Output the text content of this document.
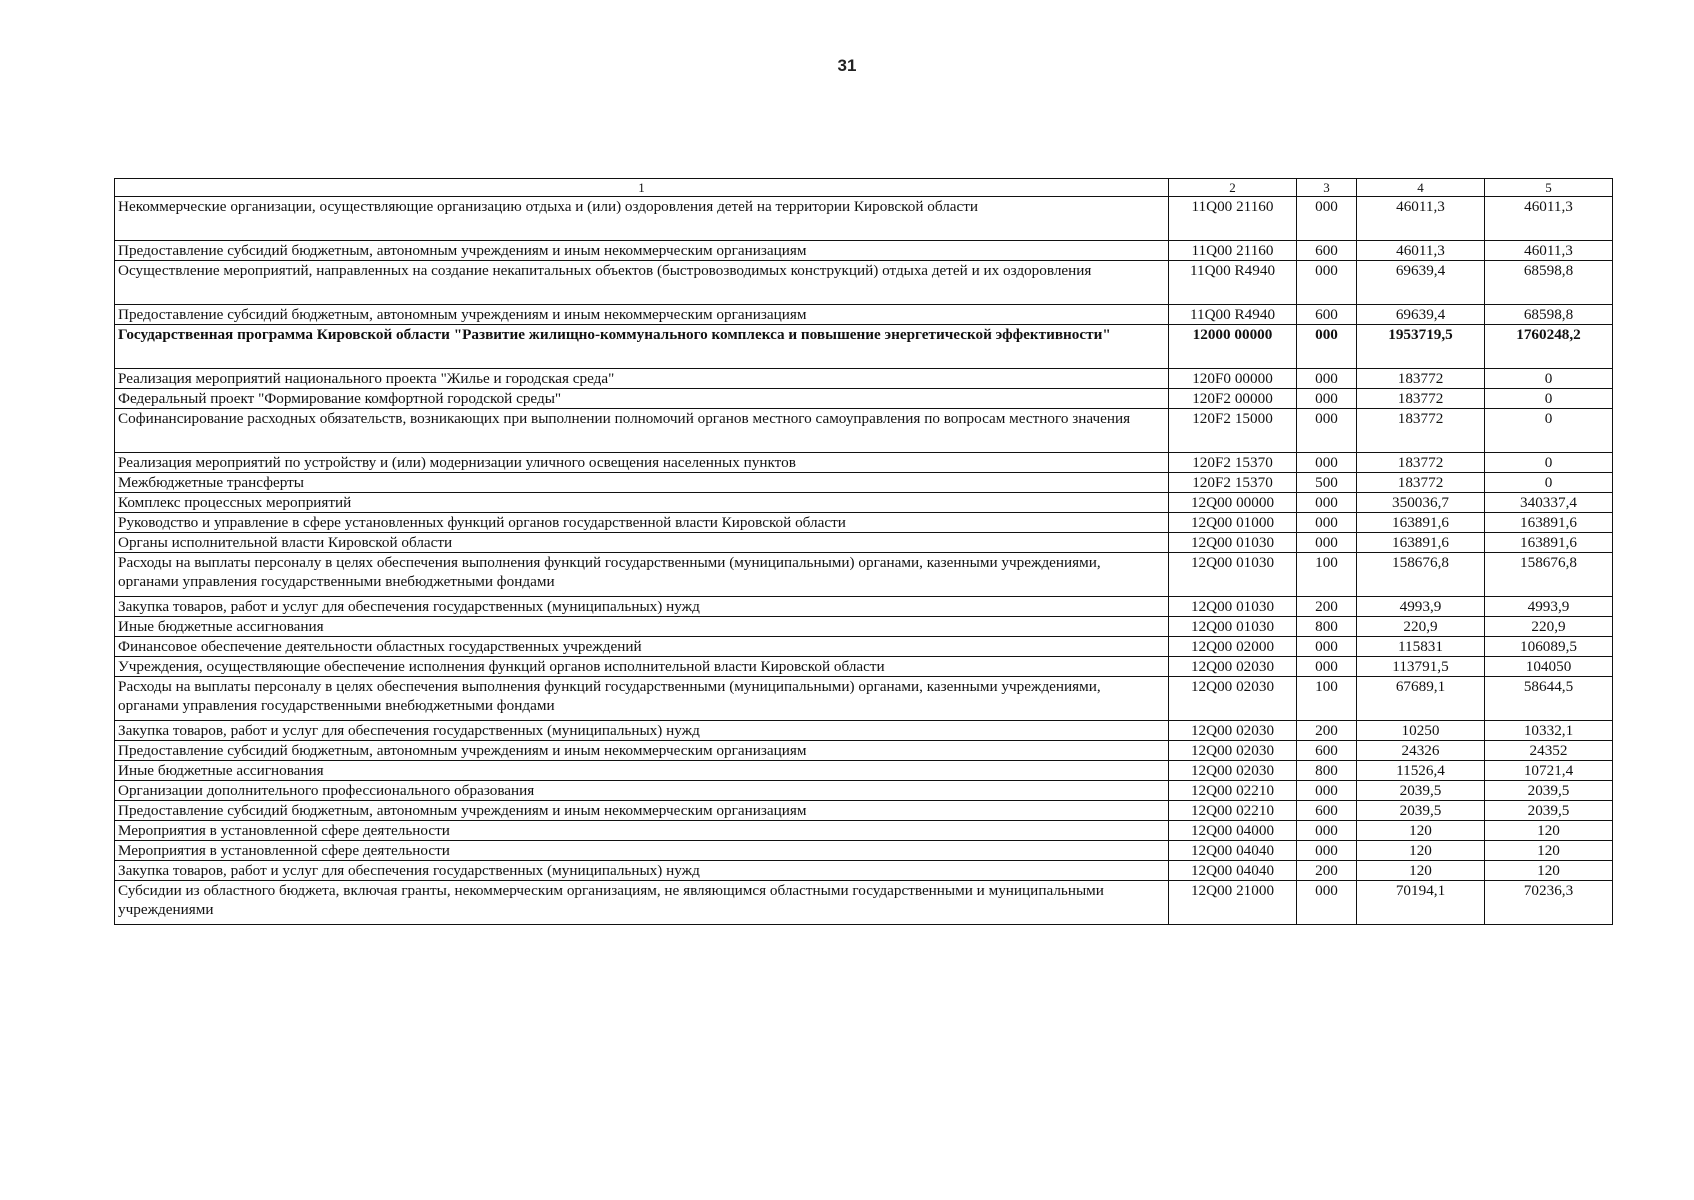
31
1	2	3	4	5
Некоммерческие организации, осуществляющие организацию отдыха и (или) оздоровления детей на территории Кировской области	11Q00 21160	000	46011,3	46011,3
Предоставление субсидий бюджетным, автономным учреждениям и иным некоммерческим организациям	11Q00 21160	600	46011,3	46011,3
Осуществление мероприятий, направленных на создание некапитальных объектов (быстровозводимых конструкций) отдыха детей и их оздоровления	11Q00 R4940	000	69639,4	68598,8
Предоставление субсидий бюджетным, автономным учреждениям и иным некоммерческим организациям	11Q00 R4940	600	69639,4	68598,8
Государственная программа Кировской области "Развитие жилищно-коммунального комплекса и повышение энергетической эффективности"	12000 00000	000	1953719,5	1760248,2
Реализация мероприятий национального проекта "Жилье и городская среда"	120F0 00000	000	183772	0
Федеральный проект "Формирование комфортной городской среды"	120F2 00000	000	183772	0
Софинансирование расходных обязательств, возникающих при выполнении полномочий органов местного самоуправления по вопросам местного значения	120F2 15000	000	183772	0
Реализация мероприятий по устройству и (или) модернизации уличного освещения населенных пунктов	120F2 15370	000	183772	0
Межбюджетные трансферты	120F2 15370	500	183772	0
Комплекс процессных мероприятий	12Q00 00000	000	350036,7	340337,4
Руководство и управление в сфере установленных функций органов государственной власти Кировской области	12Q00 01000	000	163891,6	163891,6
Органы исполнительной власти Кировской области	12Q00 01030	000	163891,6	163891,6
Расходы на выплаты персоналу в целях обеспечения выполнения функций государственными (муниципальными) органами, казенными учреждениями, органами управления государственными внебюджетными фондами	12Q00 01030	100	158676,8	158676,8
Закупка товаров, работ и услуг для обеспечения государственных (муниципальных) нужд	12Q00 01030	200	4993,9	4993,9
Иные бюджетные ассигнования	12Q00 01030	800	220,9	220,9
Финансовое обеспечение деятельности областных государственных учреждений	12Q00 02000	000	115831	106089,5
Учреждения, осуществляющие обеспечение исполнения функций органов исполнительной власти Кировской области	12Q00 02030	000	113791,5	104050
Расходы на выплаты персоналу в целях обеспечения выполнения функций государственными (муниципальными) органами, казенными учреждениями, органами управления государственными внебюджетными фондами	12Q00 02030	100	67689,1	58644,5
Закупка товаров, работ и услуг для обеспечения государственных (муниципальных) нужд	12Q00 02030	200	10250	10332,1
Предоставление субсидий бюджетным, автономным учреждениям и иным некоммерческим организациям	12Q00 02030	600	24326	24352
Иные бюджетные ассигнования	12Q00 02030	800	11526,4	10721,4
Организации дополнительного профессионального образования	12Q00 02210	000	2039,5	2039,5
Предоставление субсидий бюджетным, автономным учреждениям и иным некоммерческим организациям	12Q00 02210	600	2039,5	2039,5
Мероприятия в установленной сфере деятельности	12Q00 04000	000	120	120
Мероприятия в установленной сфере деятельности	12Q00 04040	000	120	120
Закупка товаров, работ и услуг для обеспечения государственных (муниципальных) нужд	12Q00 04040	200	120	120
Субсидии из областного бюджета, включая гранты, некоммерческим организациям, не являющимся областными государственными и муниципальными учреждениями	12Q00 21000	000	70194,1	70236,3
